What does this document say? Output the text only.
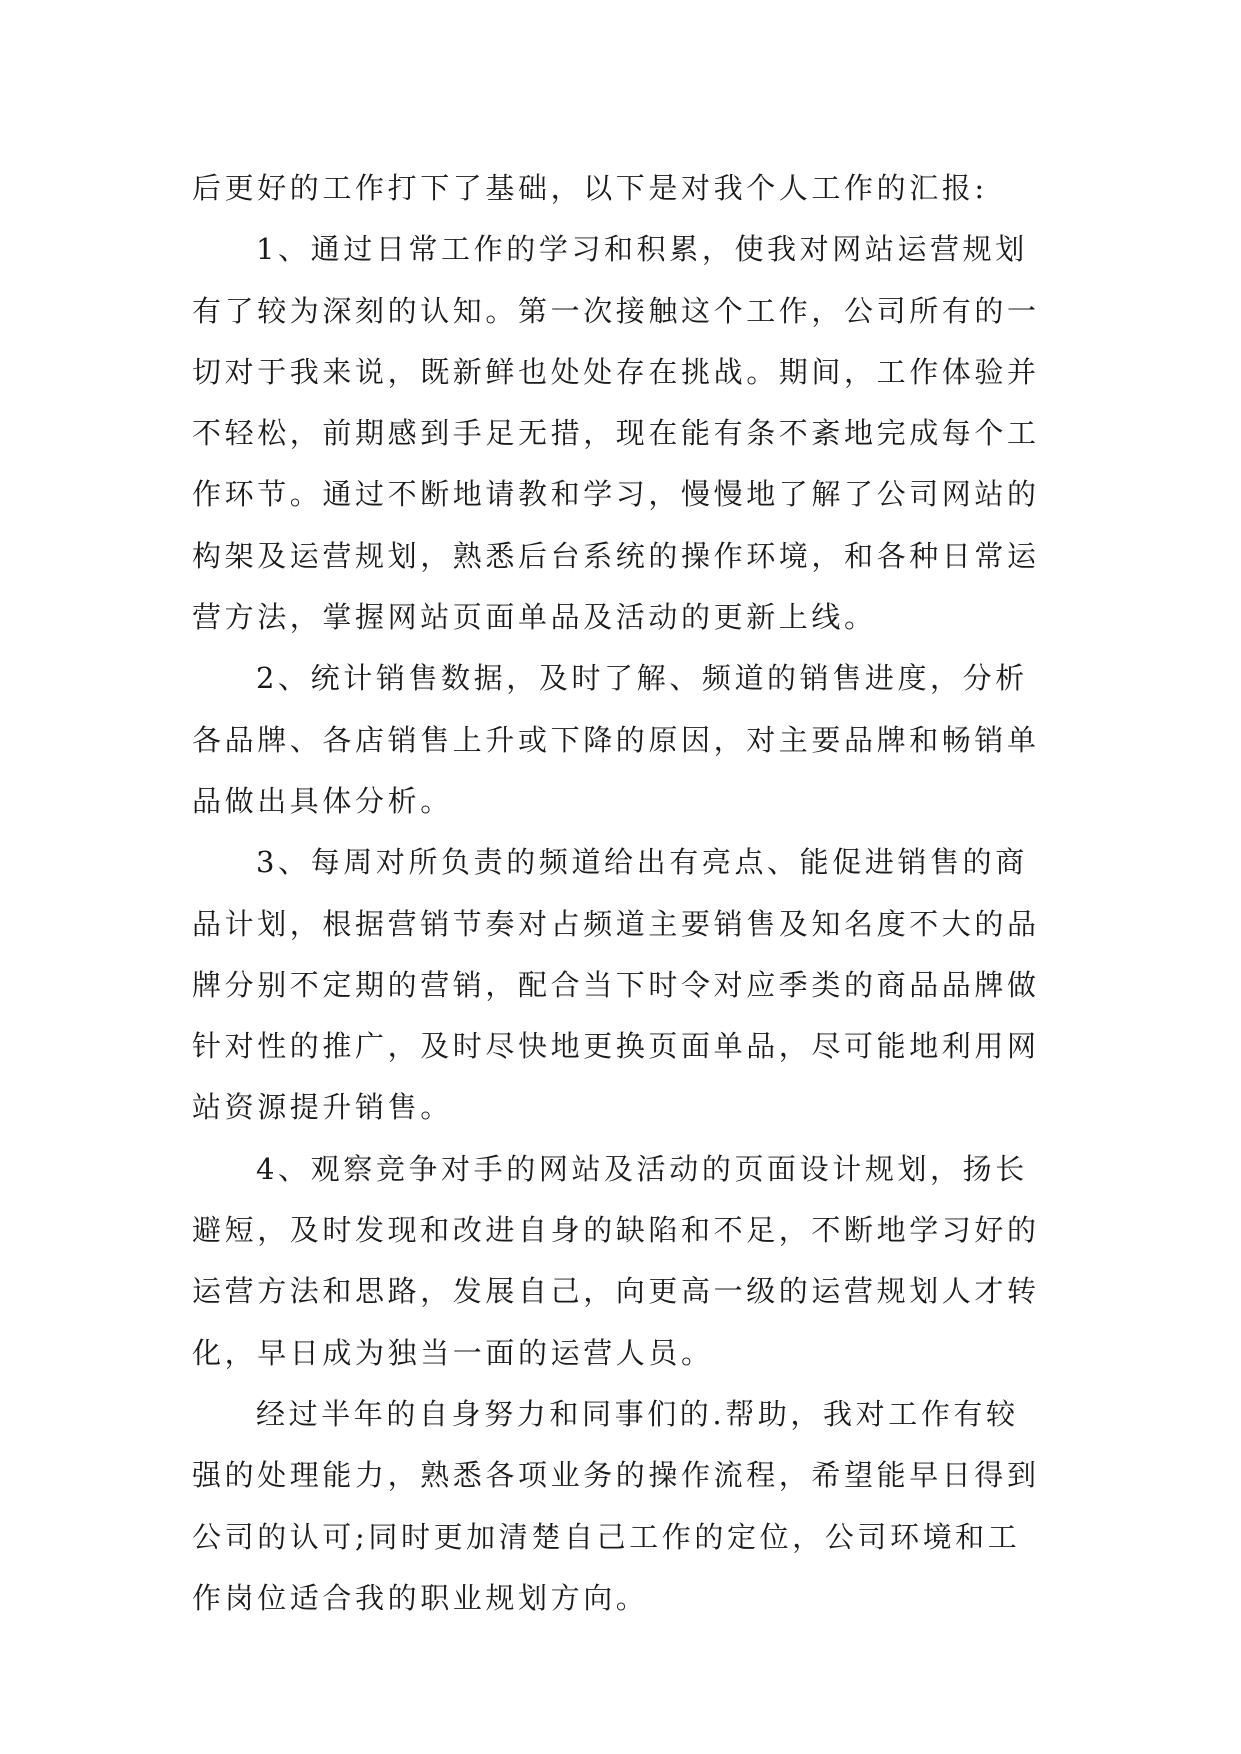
后更好的工作打下了基础，以下是对我个人工作的汇报:
1、通过日常工作的学习和积累，使我对网站运营规划
有了较为深刻的认知。第一次接触这个工作，公司所有的一
切对于我来说，既新鲜也处处存在挑战。期间，工作体验并
不轻松，前期感到手足无措，现在能有条不紊地完成每个工
作环节。通过不断地请教和学习，慢慢地了解了公司网站的
构架及运营规划，熟悉后台系统的操作环境，和各种日常运
营方法，掌握网站页面单品及活动的更新上线。
2、统计销售数据，及时了解、频道的销售进度，分析
各品牌、各店销售上升或下降的原因，对主要品牌和畅销单
品做出具体分析。
3、每周对所负责的频道给出有亮点、能促进销售的商
品计划，根据营销节奏对占频道主要销售及知名度不大的品
牌分别不定期的营销，配合当下时令对应季类的商品品牌做
针对性的推广，及时尽快地更换页面单品，尽可能地利用网
站资源提升销售。
4、观察竞争对手的网站及活动的页面设计规划，扬长
避短，及时发现和改进自身的缺陷和不足，不断地学习好的
运营方法和思路，发展自己，向更高一级的运营规划人才转
化，早日成为独当一面的运营人员。
经过半年的自身努力和同事们的.帮助，我对工作有较
强的处理能力，熟悉各项业务的操作流程，希望能早日得到
公司的认可;同时更加清楚自己工作的定位，公司环境和工
作岗位适合我的职业规划方向。
